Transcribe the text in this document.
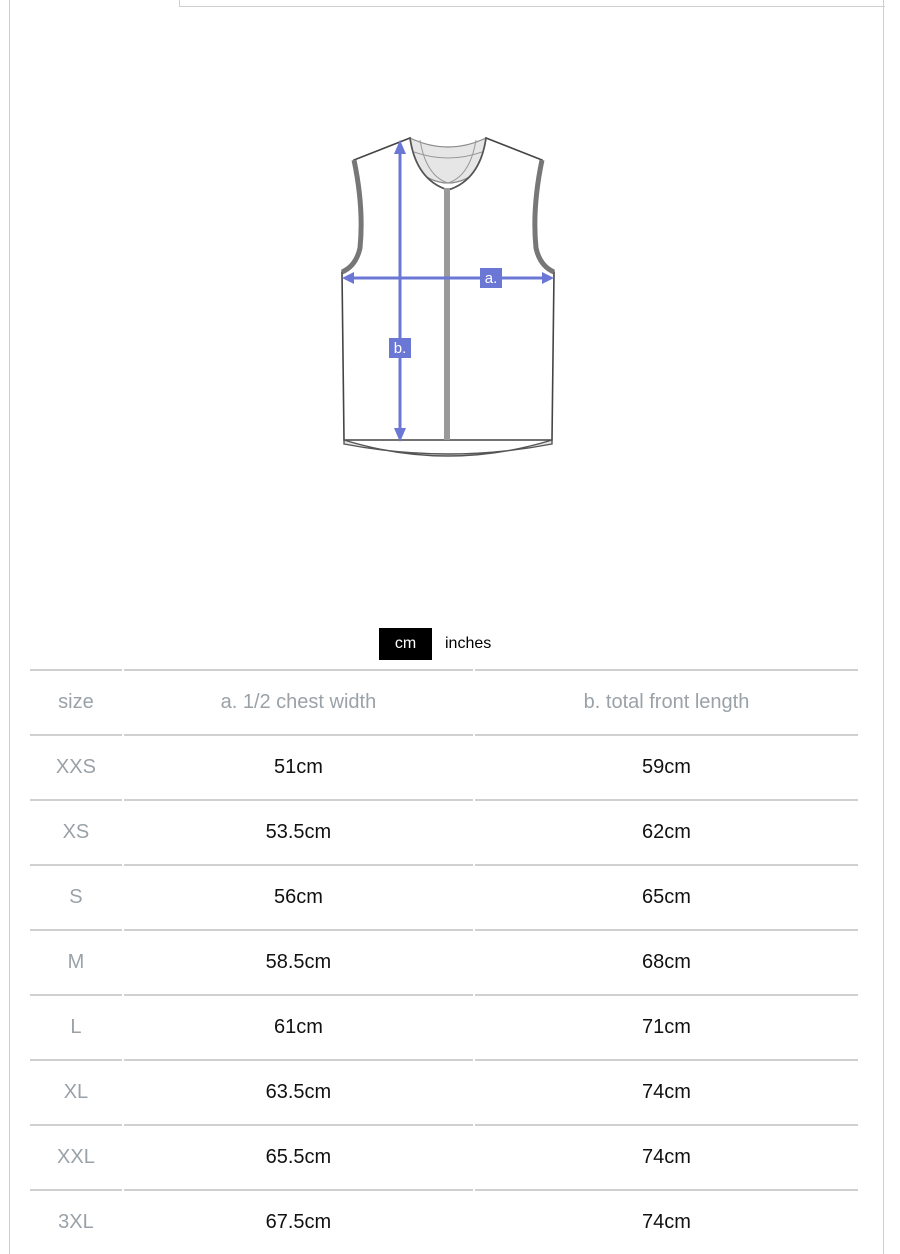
a.
b.
cm	inches
size	a. 1/2 chest width	b. total front length
XXS	51cm	59cm
XS	53.5cm	62cm
S	56cm	65cm
M	58.5cm	68cm
L	61cm	71cm
XL	63.5cm	74cm
XXL	65.5cm	74cm
3XL	67.5cm	74cm
